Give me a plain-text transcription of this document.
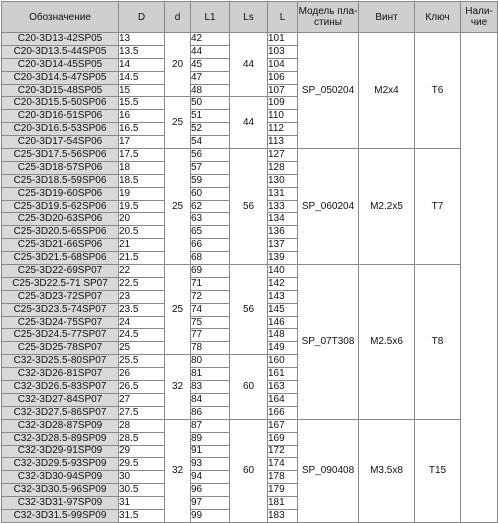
Обозначение	D	d	L1	Ls	L	Модель пла-стины	Винт	Ключ	Нали-чие
C20-3D13-42SP05	13	20	42	44	101	SP_050204	M2x4	T6	
C20-3D13.5-44SP05	13.5		44		103				
C20-3D14-45SP05	14		45		104				
C20-3D14.5-47SP05	14.5		47		106				
C20-3D15-48SP05	15		48		107				
C20-3D15.5-50SP06	15.5	25	50	44	109				
C20-3D16-51SP06	16		51		110				
C20-3D16.5-53SP06	16.5		52		112				
C20-3D17-54SP06	17		54		113				
C25-3D17.5-56SP06	17.5	25	56	56	127	SP_060204	M2.2x5	T7	
C25-3D18-57SP06	18		57		128				
C25-3D18.5-59SP06	18.5		59		130				
C25-3D19-60SP06	19		60		131				
C25-3D19.5-62SP06	19.5		62		133				
C25-3D20-63SP06	20		63		134				
C25-3D20.5-65SP06	20.5		65		136				
C25-3D21-66SP06	21		66		137				
C25-3D21.5-68SP06	21.5		68		139				
C25-3D22-69SP07	22	25	69	56	140	SP_07T308	M2.5x6	T8	
C25-3D22.5-71 SP07	22.5		71		142				
C25-3D23-72SP07	23		72		143				
C25-3D23.5-74SP07	23.5		74		145				
C25-3D24-75SP07	24		75		146				
C25-3D24.5-77SP07	24.5		77		148				
C25-3D25-78SP07	25		78		149				
C32-3D25.5-80SP07	25.5	32	80	60	160				
C32-3D26-81SP07	26		81		161				
C32-3D26.5-83SP07	26.5		83		163				
C32-3D27-84SP07	27		84		164				
C32-3D27.5-86SP07	27.5		86		166				
C32-3D28-87SP09	28	32	87	60	167	SP_090408	M3.5x8	T15	
C32-3D28.5-89SP09	28.5		89		169				
C32-3D29-91SP09	29		91		172				
C32-3D29.5-93SP09	29.5		93		174				
C32-3D30-94SP09	30		94		178				
C32-3D30.5-96SP09	30.5		96		179				
C32-3D31-97SP09	31		97		181				
C32-3D31.5-99SP09	31.5		99		183				
